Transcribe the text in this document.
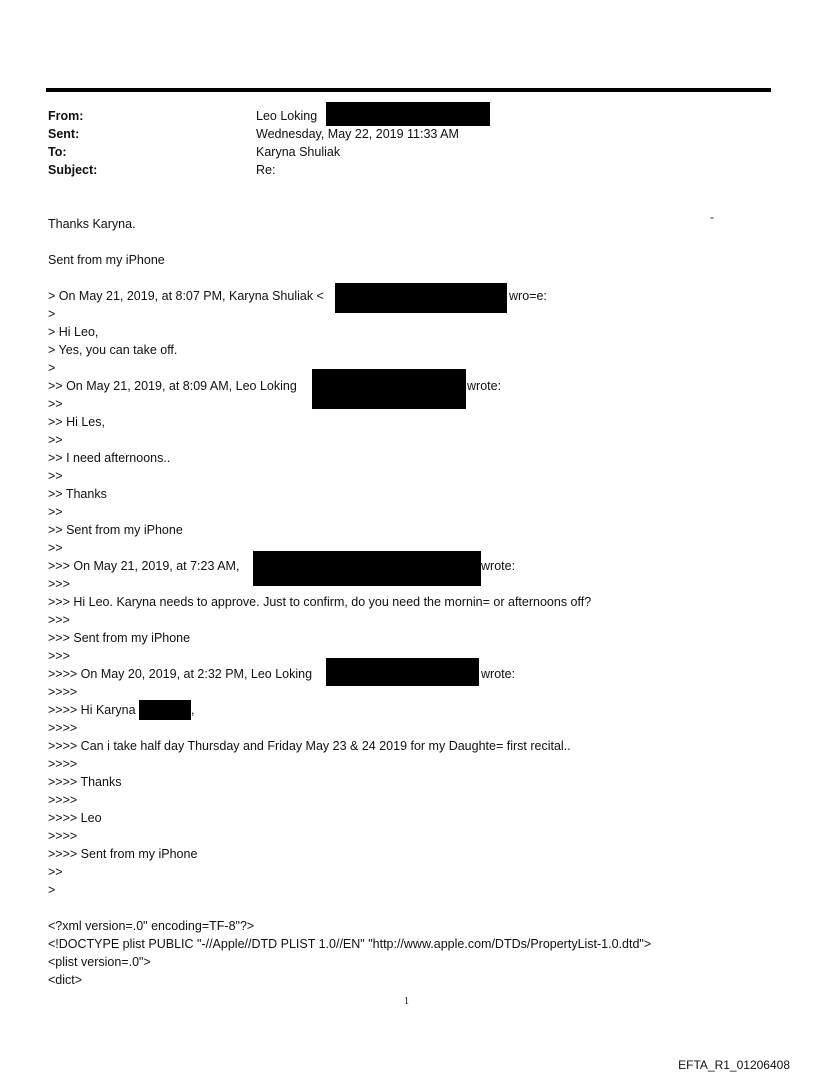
From:	Leo Loking
Sent:	Wednesday, May 22, 2019 11:33 AM
To:	Karyna Shuliak
Subject:	Re:
-
Thanks Karyna.
Sent from my iPhone
> On May 21, 2019, at 8:07 PM, Karyna Shuliak <	wro=e:
>
> Hi Leo,
> Yes, you can take off.
>
>> On May 21, 2019, at 8:09 AM, Leo Loking	wrote:
>>
>> Hi Les,
>>
>> I need afternoons..
>>
>> Thanks
>>
>> Sent from my iPhone
>>
>>> On May 21, 2019, at 7:23 AM,	wrote:
>>>
>>> Hi Leo. Karyna needs to approve. Just to confirm, do you need the mornin= or afternoons off?
>>>
>>> Sent from my iPhone
>>>
>>>> On May 20, 2019, at 2:32 PM, Leo Loking	wrote:
>>>>
>>>> Hi Karyna	,
>>>>
>>>> Can i take half day Thursday and Friday May 23 & 24 2019 for my Daughte= first recital..
>>>>
>>>> Thanks
>>>>
>>>> Leo
>>>>
>>>> Sent from my iPhone
>>
>
<?xml version=.0" encoding=TF-8"?>
<!DOCTYPE plist PUBLIC "-//Apple//DTD PLIST 1.0//EN" "http://www.apple.com/DTDs/PropertyList-1.0.dtd">
<plist version=.0">
<dict>
1
EFTA_R1_01206408
